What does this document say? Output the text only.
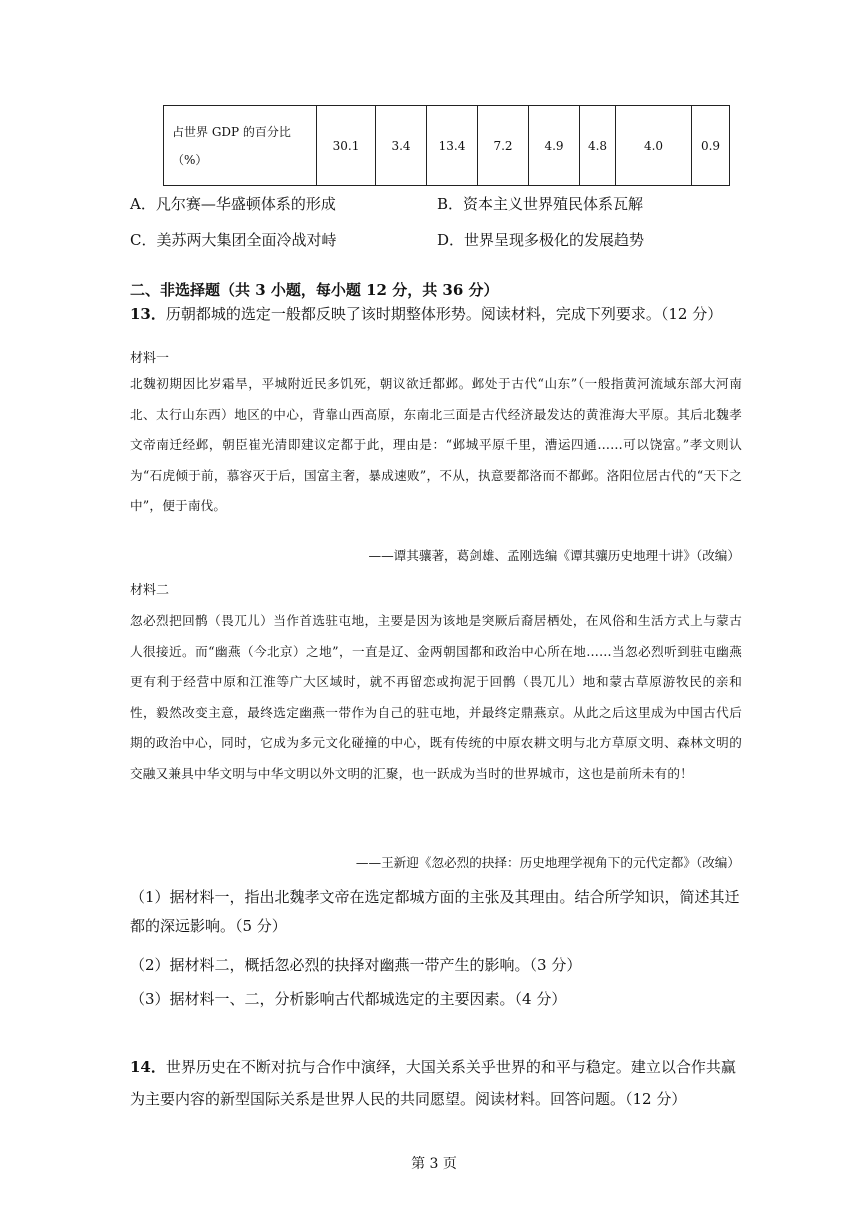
占世界 GDP 的百分比（%）	30.1	3.4	13.4	7.2	4.9	4.8	4.0	0.9
A．凡尔赛—华盛顿体系的形成	B．资本主义世界殖民体系瓦解
C．美苏两大集团全面冷战对峙	D．世界呈现多极化的发展趋势
二、非选择题（共 3 小题，每小题 12 分，共 36 分）
13．历朝都城的选定一般都反映了该时期整体形势。阅读材料，完成下列要求。（12 分）
材料一
北魏初期因比岁霜旱，平城附近民多饥死，朝议欲迁都邺。邺处于古代“山东”（一般指黄河流域东部大河南北、太行山东西）地区的中心，背靠山西高原，东南北三面是古代经济最发达的黄淮海大平原。其后北魏孝文帝南迁经邺，朝臣崔光清即建议定都于此，理由是：“邺城平原千里，漕运四通……可以饶富。”孝文则认为“石虎倾于前，慕容灭于后，国富主奢，暴成速败”，不从，执意要都洛而不都邺。洛阳位居古代的“天下之中”，便于南伐。
——谭其骧著，葛剑雄、孟刚选编《谭其骧历史地理十讲》（改编）
材料二
忽必烈把回鹘（畏兀儿）当作首选驻屯地，主要是因为该地是突厥后裔居栖处，在风俗和生活方式上与蒙古人很接近。而“幽燕（今北京）之地”，一直是辽、金两朝国都和政治中心所在地……当忽必烈听到驻屯幽燕更有利于经营中原和江淮等广大区域时，就不再留恋或拘泥于回鹘（畏兀儿）地和蒙古草原游牧民的亲和性，毅然改变主意，最终选定幽燕一带作为自己的驻屯地，并最终定鼎燕京。从此之后这里成为中国古代后期的政治中心，同时，它成为多元文化碰撞的中心，既有传统的中原农耕文明与北方草原文明、森林文明的交融又兼具中华文明与中华文明以外文明的汇聚，也一跃成为当时的世界城市，这也是前所未有的！
——王新迎《忽必烈的抉择：历史地理学视角下的元代定都》（改编）
（1）据材料一，指出北魏孝文帝在选定都城方面的主张及其理由。结合所学知识，简述其迁都的深远影响。（5 分）
（2）据材料二，概括忽必烈的抉择对幽燕一带产生的影响。（3 分）
（3）据材料一、二，分析影响古代都城选定的主要因素。（4 分）
14．世界历史在不断对抗与合作中演绎，大国关系关乎世界的和平与稳定。建立以合作共赢为主要内容的新型国际关系是世界人民的共同愿望。阅读材料。回答问题。（12 分）
第 3 页
